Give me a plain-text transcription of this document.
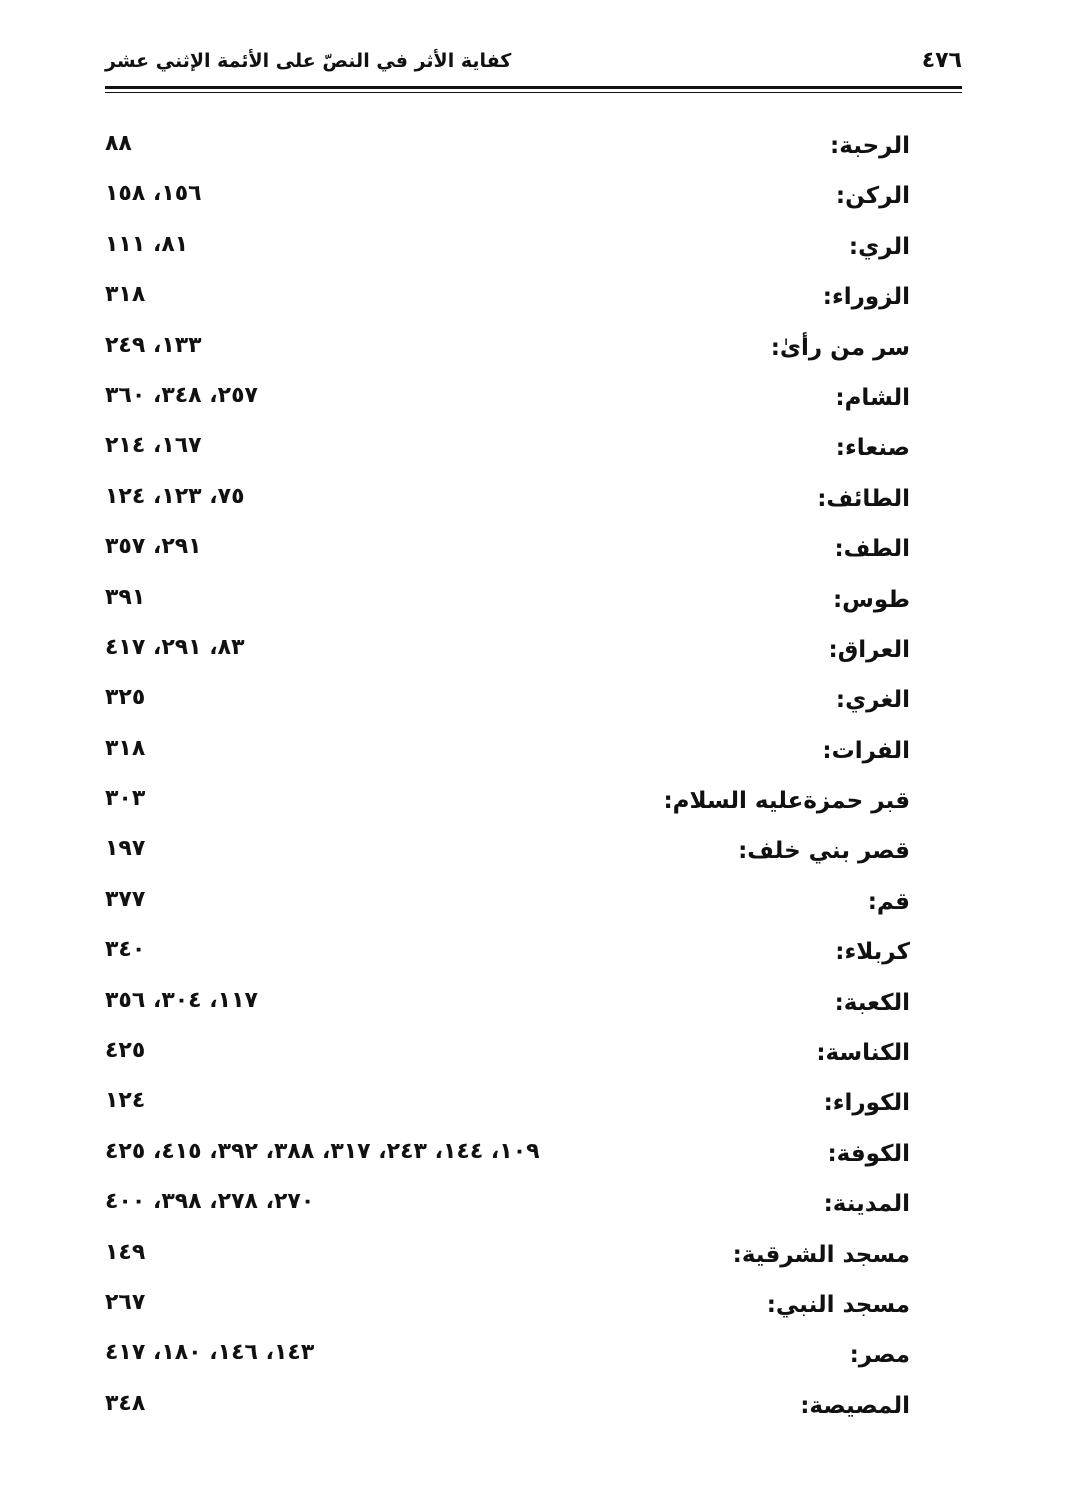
٤٧٦
كفاية الأثر في النصّ على الأئمة الإثني عشر
الرحبة:
٨٨
الركن:
١٥٦، ١٥٨
الري:
٨١، ١١١
الزوراء:
٣١٨
سر من رأىٰ:
١٣٣، ٢٤٩
الشام:
٢٥٧، ٣٤٨، ٣٦٠
صنعاء:
١٦٧، ٢١٤
الطائف:
٧٥، ١٢٣، ١٢٤
الطف:
٢٩١، ٣٥٧
طوس:
٣٩١
العراق:
٨٣، ٢٩١، ٤١٧
الغري:
٣٢٥
الفرات:
٣١٨
قبر حمزةعليه السلام:
٣٠٣
قصر بني خلف:
١٩٧
قم:
٣٧٧
كربلاء:
٣٤٠
الكعبة:
١١٧، ٣٠٤، ٣٥٦
الكناسة:
٤٢٥
الكوراء:
١٢٤
الكوفة:
١٠٩، ١٤٤، ٢٤٣، ٣١٧، ٣٨٨، ٣٩٢، ٤١٥، ٤٢٥
المدينة:
٢٧٠، ٢٧٨، ٣٩٨، ٤٠٠
مسجد الشرقية:
١٤٩
مسجد النبي:
٢٦٧
مصر:
١٤٣، ١٤٦، ١٨٠، ٤١٧
المصيصة:
٣٤٨
